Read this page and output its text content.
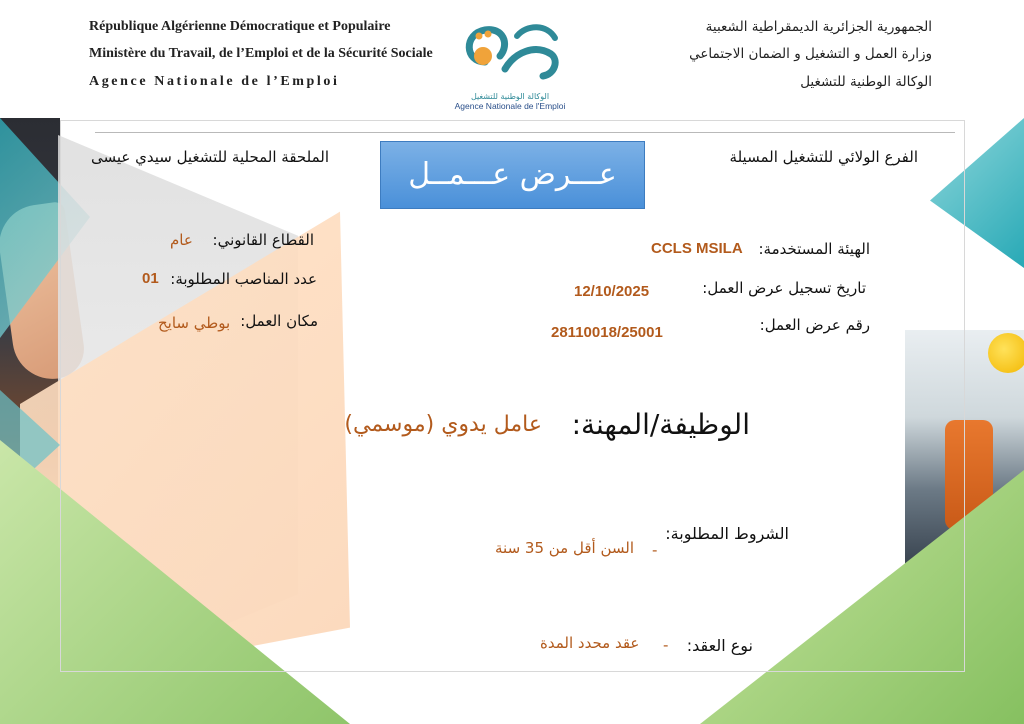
République Algérienne Démocratique et Populaire
Ministère du Travail, de l’Emploi et de la Sécurité Sociale
Agence Nationale de l’Emploi
الجمهورية الجزائرية الديمقراطية الشعبية
وزارة العمل و التشغيل و الضمان الاجتماعي
الوكالة الوطنية للتشغيل
الوكالة الوطنية للتشغيل
Agence Nationale de l'Emploi
الفرع الولائي للتشغيل المسيلة
الملحقة المحلية للتشغيل سيدي عيسى	عـــرض عـــمــل
الهيئة المستخدمة:
CCLS MSILA
تاريخ تسجيل عرض العمل:
12/10/2025
رقم عرض العمل:
28110018/25001
القطاع القانوني:
عام
عدد المناصب المطلوبة:
01
مكان العمل:
بوطي سايح
الوظيفة/المهنة:
عامل يدوي (موسمي)
الشروط المطلوبة:
-
السن أقل من 35 سنة
نوع العقد:
-
عقد محدد المدة
